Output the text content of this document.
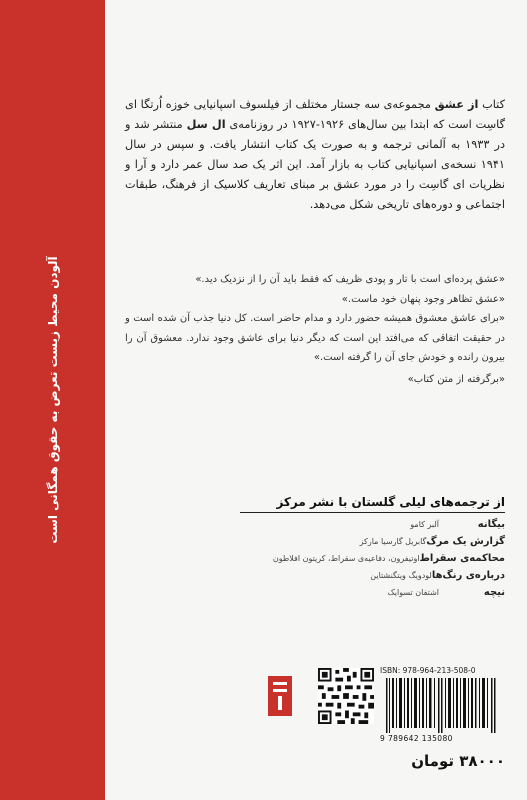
آلودن محیط زیست تعرض به حقوق همگانی است
کتاب از عشق مجموعه‌ی سه جستار مختلف از فیلسوف اسپانیایی خوزه اُرتگا ای گاسِت است که ابتدا بین سال‌های ۱۹۲۶-۱۹۲۷ در روزنامه‌ی ال سل منتشر شد و در ۱۹۳۳ به آلمانی ترجمه و به صورت یک کتاب انتشار یافت. و سپس در سال ۱۹۴۱ نسخه‌ی اسپانیایی کتاب به بازار آمد. این اثر یک صد سال عمر دارد و آرا و نظریات ای گاسِت را در مورد عشق بر مبنای تعاریف کلاسیک از فرهنگ، طبقات اجتماعی و دوره‌های تاریخی شکل می‌دهد.

«عشق پرده‌ای است با تار و پودی ظریف که فقط باید آن را از نزدیک دید.»

«عشق تظاهر وجود پنهان خود ماست.»

«برای عاشق معشوق همیشه حضور دارد و مدام حاضر است. کل دنیا جذب آن شده است و در حقیقت اتفاقی که می‌افتد این است که دیگر دنیا برای عاشق وجود ندارد. معشوق آن را بیرون رانده و خودش جای آن را گرفته است.»

«برگرفته از متن کتاب»

از ترجمه‌های لیلی گلستان با نشر مرکز
بیگانه
آلبر کامو
گزارش یک مرگ
گابریل گارسیا مارکز
محاکمه‌ی سقراط
اوتیفرون، دفاعیه‌ی سقراط، کریتون افلاطون
درباره‌ی رنگ‌ها
لودویگ ویتگنشتاین
نیچه
اشتفان تسوایک
ISBN: 978-964-213-508-0
9 789642 135080
۳۸۰۰۰ تومان
